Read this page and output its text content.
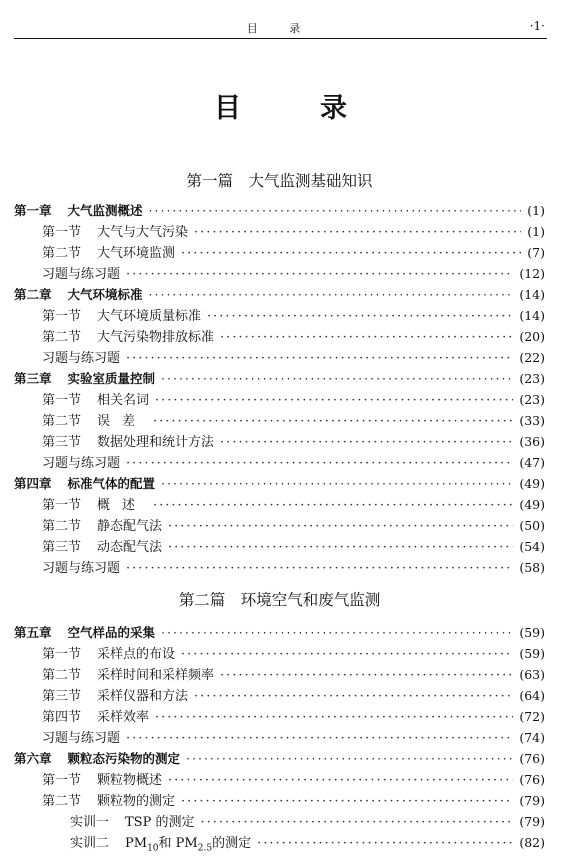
目 录	·1·
目　录
第一篇　大气监测基础知识
第一章 大气监测概述 ·····	(1)
第一节 大气与大气污染 ·····	(1)
第二节 大气环境监测 ·····	(7)
习题与练习题 ·····	(12)
第二章 大气环境标准 ·····	(14)
第一节 大气环境质量标准 ·····	(14)
第二节 大气污染物排放标准 ·····	(20)
习题与练习题 ·····	(22)
第三章 实验室质量控制 ·····	(23)
第一节 相关名词 ·····	(23)
第二节 误差 ·····	(33)
第三节 数据处理和统计方法 ·····	(36)
习题与练习题 ·····	(47)
第四章 标准气体的配置 ·····	(49)
第一节 概述 ·····	(49)
第二节 静态配气法 ·····	(50)
第三节 动态配气法 ·····	(54)
习题与练习题 ·····	(58)
第二篇　环境空气和废气监测
第五章 空气样品的采集 ·····	(59)
第一节 采样点的布设 ·····	(59)
第二节 采样时间和采样频率 ·····	(63)
第三节 采样仪器和方法 ·····	(64)
第四节 采样效率 ·····	(72)
习题与练习题 ·····	(74)
第六章 颗粒态污染物的测定 ·····	(76)
第一节 颗粒物概述 ·····	(76)
第二节 颗粒物的测定 ·····	(79)
实训一 TSP 的测定 ·····	(79)
实训二 $PM_{10}$和 $PM_{2.5}$的测定 ·····	(82)
